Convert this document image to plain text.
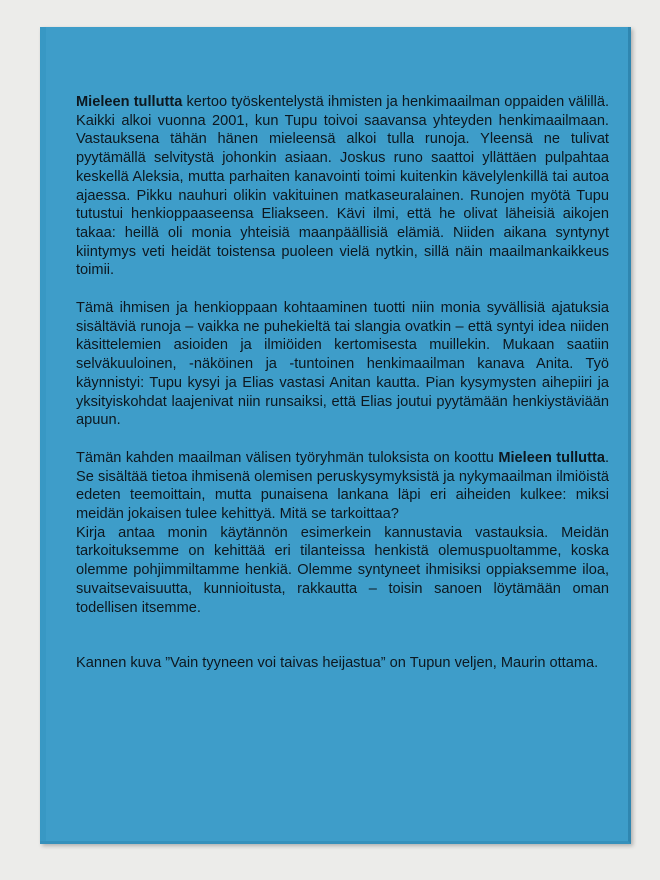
Mieleen tullutta kertoo työskentelystä ihmisten ja henkimaailman oppaiden välillä. Kaikki alkoi vuonna 2001, kun Tupu toivoi saavansa yhteyden henkimaailmaan. Vastauksena tähän hänen mieleensä alkoi tulla runoja. Yleensä ne tulivat pyytämällä selvitystä johonkin asiaan. Joskus runo saattoi yllättäen pulpahtaa keskellä Aleksia, mutta parhaiten kanavointi toimi kuitenkin kävelylenkillä tai autoa ajaessa. Pikku nauhuri olikin vakituinen matkaseuralainen. Runojen myötä Tupu tutustui henkioppaaseensa Eliakseen. Kävi ilmi, että he olivat läheisiä aikojen takaa: heillä oli monia yhteisiä maanpäällisiä elämiä. Niiden aikana syntynyt kiintymys veti heidät toistensa puoleen vielä nytkin, sillä näin maailmankaikkeus toimii.

Tämä ihmisen ja henkioppaan kohtaaminen tuotti niin monia syvällisiä ajatuksia sisältäviä runoja – vaikka ne puhekieltä tai slangia ovatkin – että syntyi idea niiden käsittelemien asioiden ja ilmiöiden kertomisesta muillekin. Mukaan saatiin selväkuuloinen, -näköinen ja -tuntoinen henkimaailman kanava Anita. Työ käynnistyi: Tupu kysyi ja Elias vastasi Anitan kautta. Pian kysymysten aihepiiri ja yksityiskohdat laajenivat niin runsaiksi, että Elias joutui pyytämään henkiystäviään apuun.

Tämän kahden maailman välisen työryhmän tuloksista on koottu Mieleen tullutta. Se sisältää tietoa ihmisenä olemisen peruskysymyksistä ja nykymaailman ilmiöistä edeten teemoittain, mutta punaisena lankana läpi eri aiheiden kulkee: miksi meidän jokaisen tulee kehittyä. Mitä se tarkoittaa?

Kirja antaa monin käytännön esimerkein kannustavia vastauksia. Meidän tarkoituksemme on kehittää eri tilanteissa henkistä olemuspuoltamme, koska olemme pohjimmiltamme henkiä. Olemme syntyneet ihmisiksi oppiaksemme iloa, suvaitsevaisuutta, kunnioitusta, rakkautta – toisin sanoen löytämään oman todellisen itsemme.

Kannen kuva ”Vain tyyneen voi taivas heijastua” on Tupun veljen, Maurin ottama.
